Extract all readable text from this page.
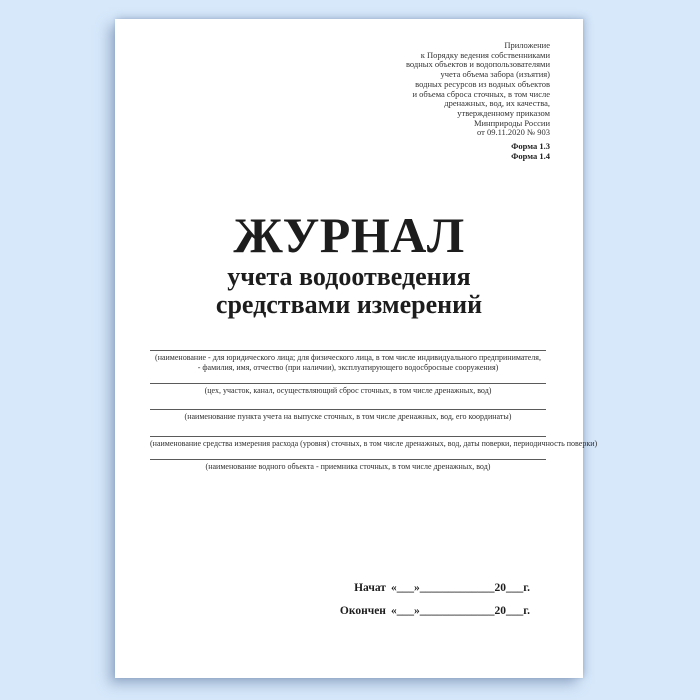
Приложение
к Порядку ведения собственниками
водных объектов и водопользователями
учета объема забора (изъятия)
водных ресурсов из водных объектов
и объема сброса сточных, в том числе
дренажных, вод, их качества,
утвержденному приказом
Минприроды России
от 09.11.2020 № 903
Форма 1.3
Форма 1.4
ЖУРНАЛ
учета водоотведения
средствами измерений
(наименование - для юридического лица; для физического лица, в том числе индивидуального предпринимателя,
- фамилия, имя, отчество (при наличии), эксплуатирующего водосбросные сооружения)
(цех, участок, канал, осуществляющий сброс сточных, в том числе дренажных, вод)
(наименование пункта учета на выпуске сточных, в том числе дренажных, вод, его координаты)
(наименование средства измерения расхода (уровня) сточных, в том числе дренажных, вод, даты поверки, периодичность поверки)
(наименование водного объекта - приемника сточных, в том числе дренажных, вод)
Начат «___»_____________20___г.
Окончен «___»_____________20___г.
